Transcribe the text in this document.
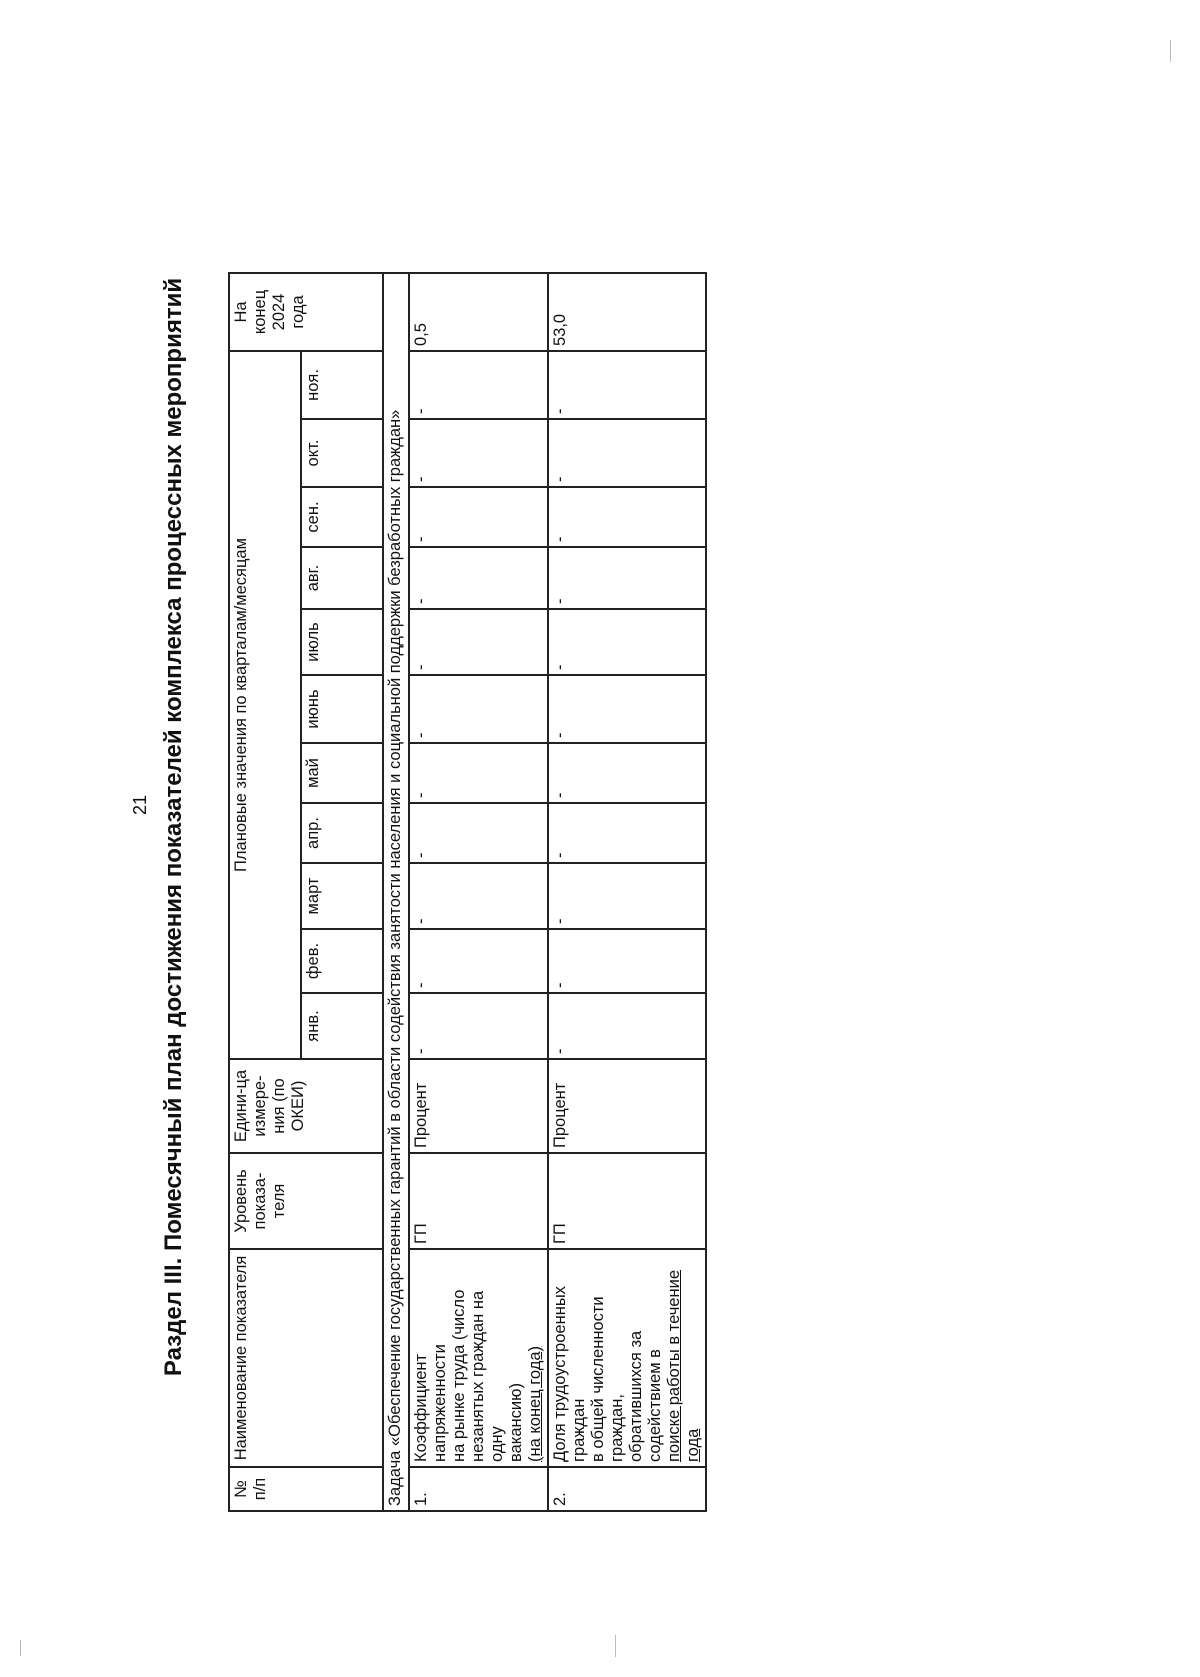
21 Раздел III. Помесячный план достижения показателей комплекса процессных мероприятий
№ п/п	Наименование показателя	Уровень показа-теля	Едини-ца измере-ния (по ОКЕИ)	Плановые значения по кварталам/месяцам											На конец 2024 года
				янв.	фев.	март	апр.	май	июнь	июль	авг.	сен.	окт.	ноя.	
Задача «Обеспечение государственных гарантий в области содействия занятости населения и социальной поддержки безработных граждан»															
1.	Коэффициент напряженности на рынке труда (число незанятых граждан на одну вакансию) (на конец года)	ГП	Процент	-	-	-	-	-	-	-	-	-	-	-	0,5
2.	Доля трудоустроенных граждан в общей численности граждан, обратившихся за содействием в поиске работы в течение года	ГП	Процент	-	-	-	-	-	-	-	-	-	-	-	53,0
